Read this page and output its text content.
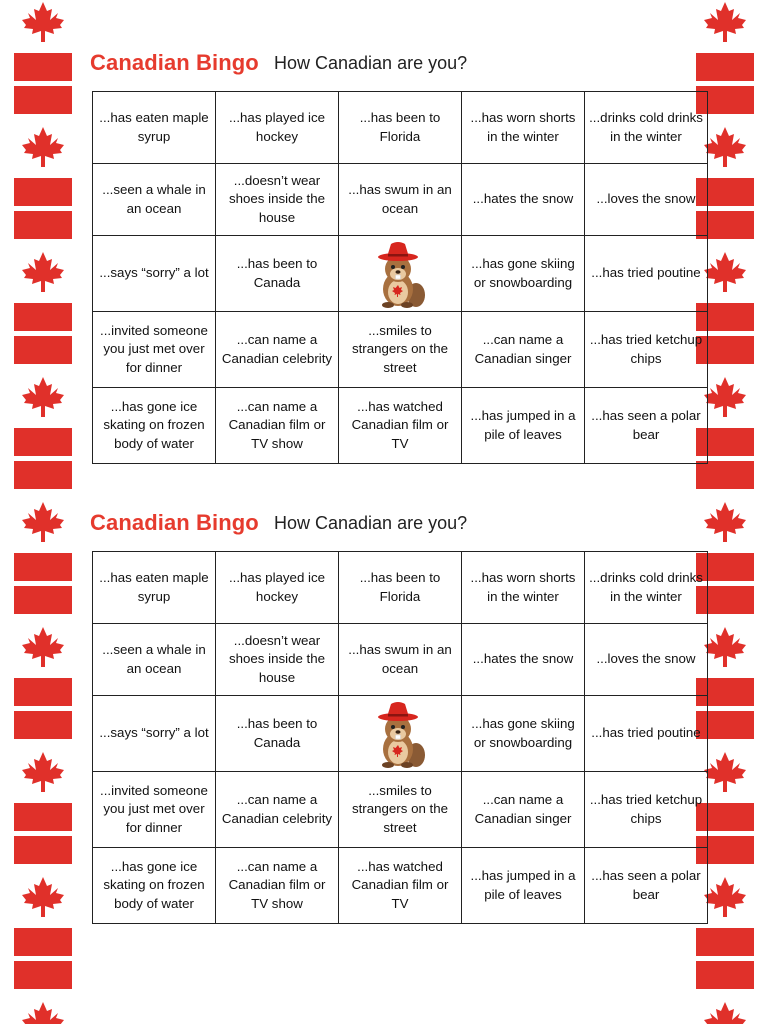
Canadian Bingo How Canadian are you?
...has eaten maple syrup	...has played ice hockey	...has been to Florida	...has worn shorts in the winter	...drinks cold drinks in the winter
...seen a whale in an ocean	...doesn’t wear shoes inside the house	...has swum in an ocean	...hates the snow	...loves the snow
...says “sorry” a lot	...has been to Canada		...has gone skiing or snowboarding	...has tried poutine
...invited someone you just met over for dinner	...can name a Canadian celebrity	...smiles to strangers on the street	...can name a Canadian singer	...has tried ketchup chips
...has gone ice skating on frozen body of water	...can name a Canadian film or TV show	...has watched Canadian film or TV	...has jumped in a pile of leaves	...has seen a polar bear
Canadian Bingo How Canadian are you?
...has eaten maple syrup	...has played ice hockey	...has been to Florida	...has worn shorts in the winter	...drinks cold drinks in the winter
...seen a whale in an ocean	...doesn’t wear shoes inside the house	...has swum in an ocean	...hates the snow	...loves the snow
...says “sorry” a lot	...has been to Canada		...has gone skiing or snowboarding	...has tried poutine
...invited someone you just met over for dinner	...can name a Canadian celebrity	...smiles to strangers on the street	...can name a Canadian singer	...has tried ketchup chips
...has gone ice skating on frozen body of water	...can name a Canadian film or TV show	...has watched Canadian film or TV	...has jumped in a pile of leaves	...has seen a polar bear
